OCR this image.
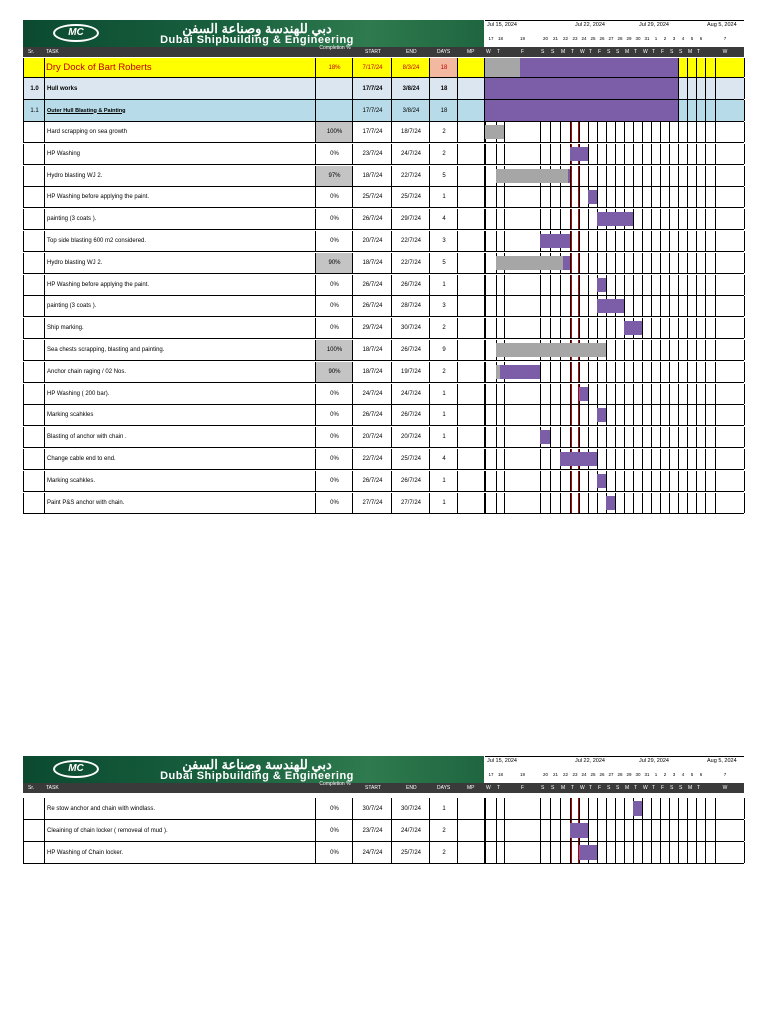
MC	دبي للهندسة وصناعة السفن
Dubai Shipbuilding & Engineering
Jul 15, 2024	Jul 22, 2024	Jul 29, 2024	Aug 5, 2024
17 18	19	20	21	22 23 24 25 26 27 28 29 30 31	1	2	3	4	5	6	7
Sr. TASK
Completion %
START	END	DAYS	MP W	T	F	S	S	M	T	W T	F	S	S	M T	W T	F	S	S	M T	W
Dry Dock of Bart Roberts	18%	7/17/24	8/3/24	18
1.0	Hull works	17/7/24	3/8/24	18
1.1	Outer Hull Blasting & Painting	17/7/24	3/8/24	18
Hard scrapping on sea growth	100%	17/7/24	18/7/24	2
HP Washing	0%	23/7/24	24/7/24	2
Hydro blasting WJ 2.	97%	18/7/24	22/7/24	5
HP Washing before applying the paint.	0%	25/7/24	25/7/24	1
painting (3 coats ).	0%	26/7/24	29/7/24	4
Top side blasting 600 m2 considered.	0%	20/7/24	22/7/24	3
Hydro blasting WJ 2.	90%	18/7/24	22/7/24	5
HP Washing before applying the paint.	0%	26/7/24	26/7/24	1
painting (3 coats ).	0%	26/7/24	28/7/24	3
Ship marking.	0%	29/7/24	30/7/24	2
Sea chests scrapping, blasting and painting.	100%	18/7/24	26/7/24	9
Anchor chain raging / 02 Nos.	90%	18/7/24	19/7/24	2
HP Washing ( 200 bar).	0%	24/7/24	24/7/24	1
Marking scahkles	0%	26/7/24	26/7/24	1
Blasting of anchor with chain .	0%	20/7/24	20/7/24	1
Change cable end to end.	0%	22/7/24	25/7/24	4
Marking scahkles.	0%	26/7/24	26/7/24	1
Paint P&S anchor with chain.	0%	27/7/24	27/7/24	1
MC	دبي للهندسة وصناعة السفن
Dubai Shipbuilding & Engineering
Jul 15, 2024	Jul 22, 2024	Jul 29, 2024	Aug 5, 2024
17 18	19	20	21	22 23 24 25 26 27 28 29 30 31	1	2	3	4	5	6	7
Sr. TASK
Completion %
START	END	DAYS	MP W	T	F	S	S	M	T	W T	F	S	S	M T	W T	F	S	S	M T	W
Re stow anchor and chain with windlass.	0%	30/7/24	30/7/24	1
Cleaining of chain locker ( removeal of mud ).	0%	23/7/24	24/7/24	2
HP Washing of Chain locker.	0%	24/7/24	25/7/24	2
